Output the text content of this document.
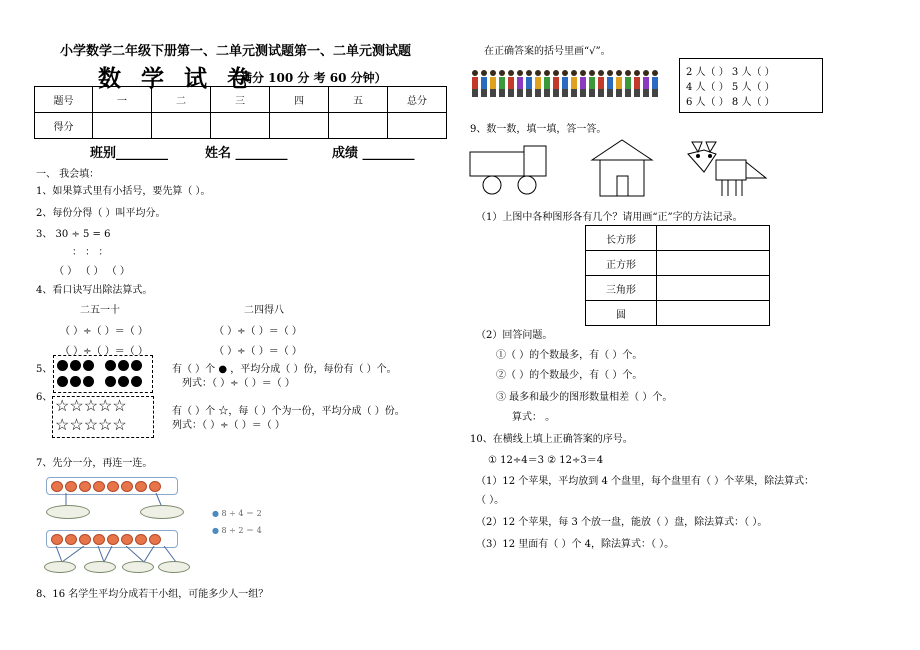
小学数学二年级下册第一、二单元测试题第一、二单元测试题
数 学 试 卷
（满分 100 分 考 60 分钟）
题号	一	二	三	四	五	总分
得分						
班别________	姓名 ________	成绩 ________
一、 我会填：
1、如果算式里有小括号，要先算（ ）。
2、每份分得（ ）叫平均分。
3、 30 ÷ 5 = 6
： ： ：
（ ） （ ） （ ）
4、看口诀写出除法算式。
二五一十	二四得八
（ ）÷（ ）＝（ ）	（ ）÷（ ）＝（ ）
（ ）÷（ ）＝（ ）	（ ）÷（ ）＝（ ）
5、	有（ ）个 ● ，平均分成（ ）份，每份有（ ）个。
列式：（ ）÷（ ）＝（ ）
6、 ☆☆☆☆☆
☆☆☆☆☆
有（ ）个 ☆，每（ ）个为一份，平均分成（ ）份。
列式：（ ）÷（ ）＝（ ）
7、先分一分，再连一连。
● 8 ÷ 4 ＝ 2
● 8 ÷ 2 ＝ 4
8、16 名学生平均分成若干小组，可能多少人一组？
在正确答案的括号里画“√”。
2 人（ ） 3 人（ ）
4 人（ ） 5 人（ ）
6 人（ ） 8 人（ ）
9、数一数，填一填，答一答。
（1）上图中各种图形各有几个？请用画“正”字的方法记录。
长方形	
正方形	
三角形	
圆	
（2）回答问题。
①（ ）的个数最多，有（ ）个。
②（ ）的个数最少，有（ ）个。
③ 最多和最少的图形数量相差（ ）个。
算式： 。
10、在横线上填上正确答案的序号。
① 12÷4＝3 ② 12÷3＝4
（1）12 个苹果，平均放到 4 个盘里，每个盘里有（ ）个苹果，除法算式：
（ ）。
（2）12 个苹果，每 3 个放一盘，能放（ ）盘，除法算式：（ ）。
（3）12 里面有（ ）个 4，除法算式：（ ）。
